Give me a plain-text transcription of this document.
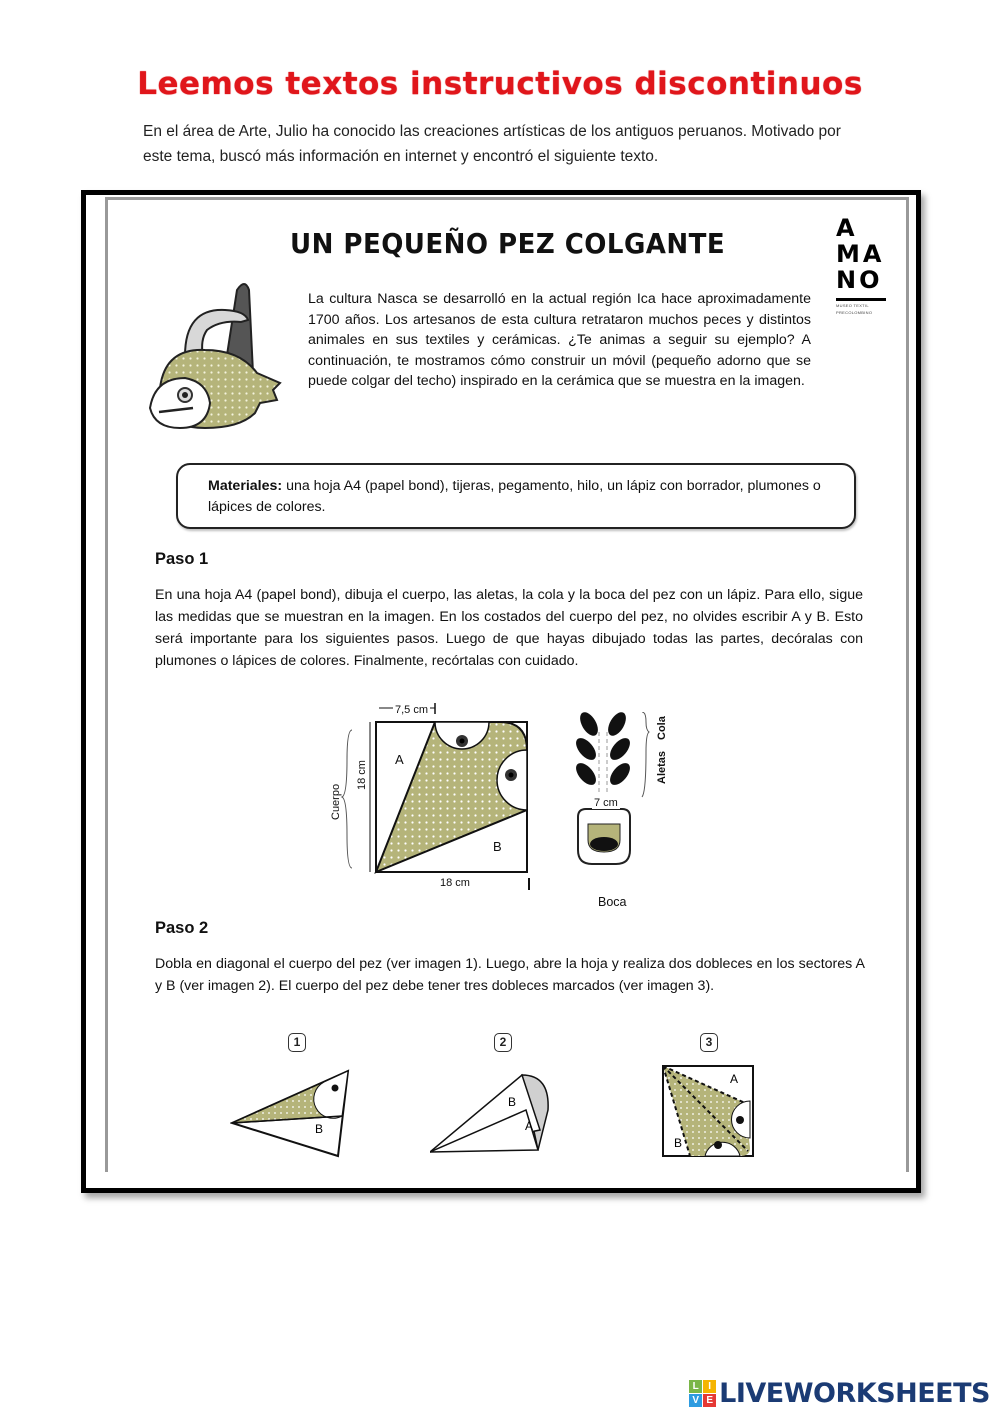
Leemos textos instructivos discontinuos
En el área de Arte, Julio ha conocido las creaciones artísticas de los antiguos peruanos. Motivado por este tema, buscó más información en internet y encontró el siguiente texto.
UN PEQUEÑO PEZ COLGANTE	A
MA
NO
MUSEO TEXTIL
PRECOLOMBINO
La cultura Nasca se desarrolló en la actual región Ica hace aproximadamente 1700 años. Los artesanos de esta cultura retrataron muchos peces y distintos animales en sus textiles y cerámicas. ¿Te animas a seguir su ejemplo? A continuación, te mostramos cómo construir un móvil (pequeño adorno que se puede colgar del techo) inspirado en la cerámica que se muestra en la imagen.
Materiales: una hoja A4 (papel bond), tijeras, pegamento, hilo, un lápiz con borrador, plumones o lápices de colores.
Paso 1
En una hoja A4 (papel bond), dibuja el cuerpo, las aletas, la cola y la boca del pez con un lápiz. Para ello, sigue las medidas que se muestran en la imagen. En los costados del cuerpo del pez, no olvides escribir A y B. Esto será importante para los siguientes pasos. Luego de que hayas dibujado todas las partes, decóralas con plumones o lápices de colores. Finalmente, recórtalas con cuidado.
7,5 cm
18 cm
Cuerpo
18 cm
A
B
Cola
Aletas
7 cm
Boca
Paso 2
Dobla en diagonal el cuerpo del pez (ver imagen 1). Luego, abre la hoja y realiza dos dobleces en los sectores A y B (ver imagen 2). El cuerpo del pez debe tener tres dobleces marcados (ver imagen 3).
1
B
2
B
A
3
A
B
L I
V E LIVEWORKSHEETS
